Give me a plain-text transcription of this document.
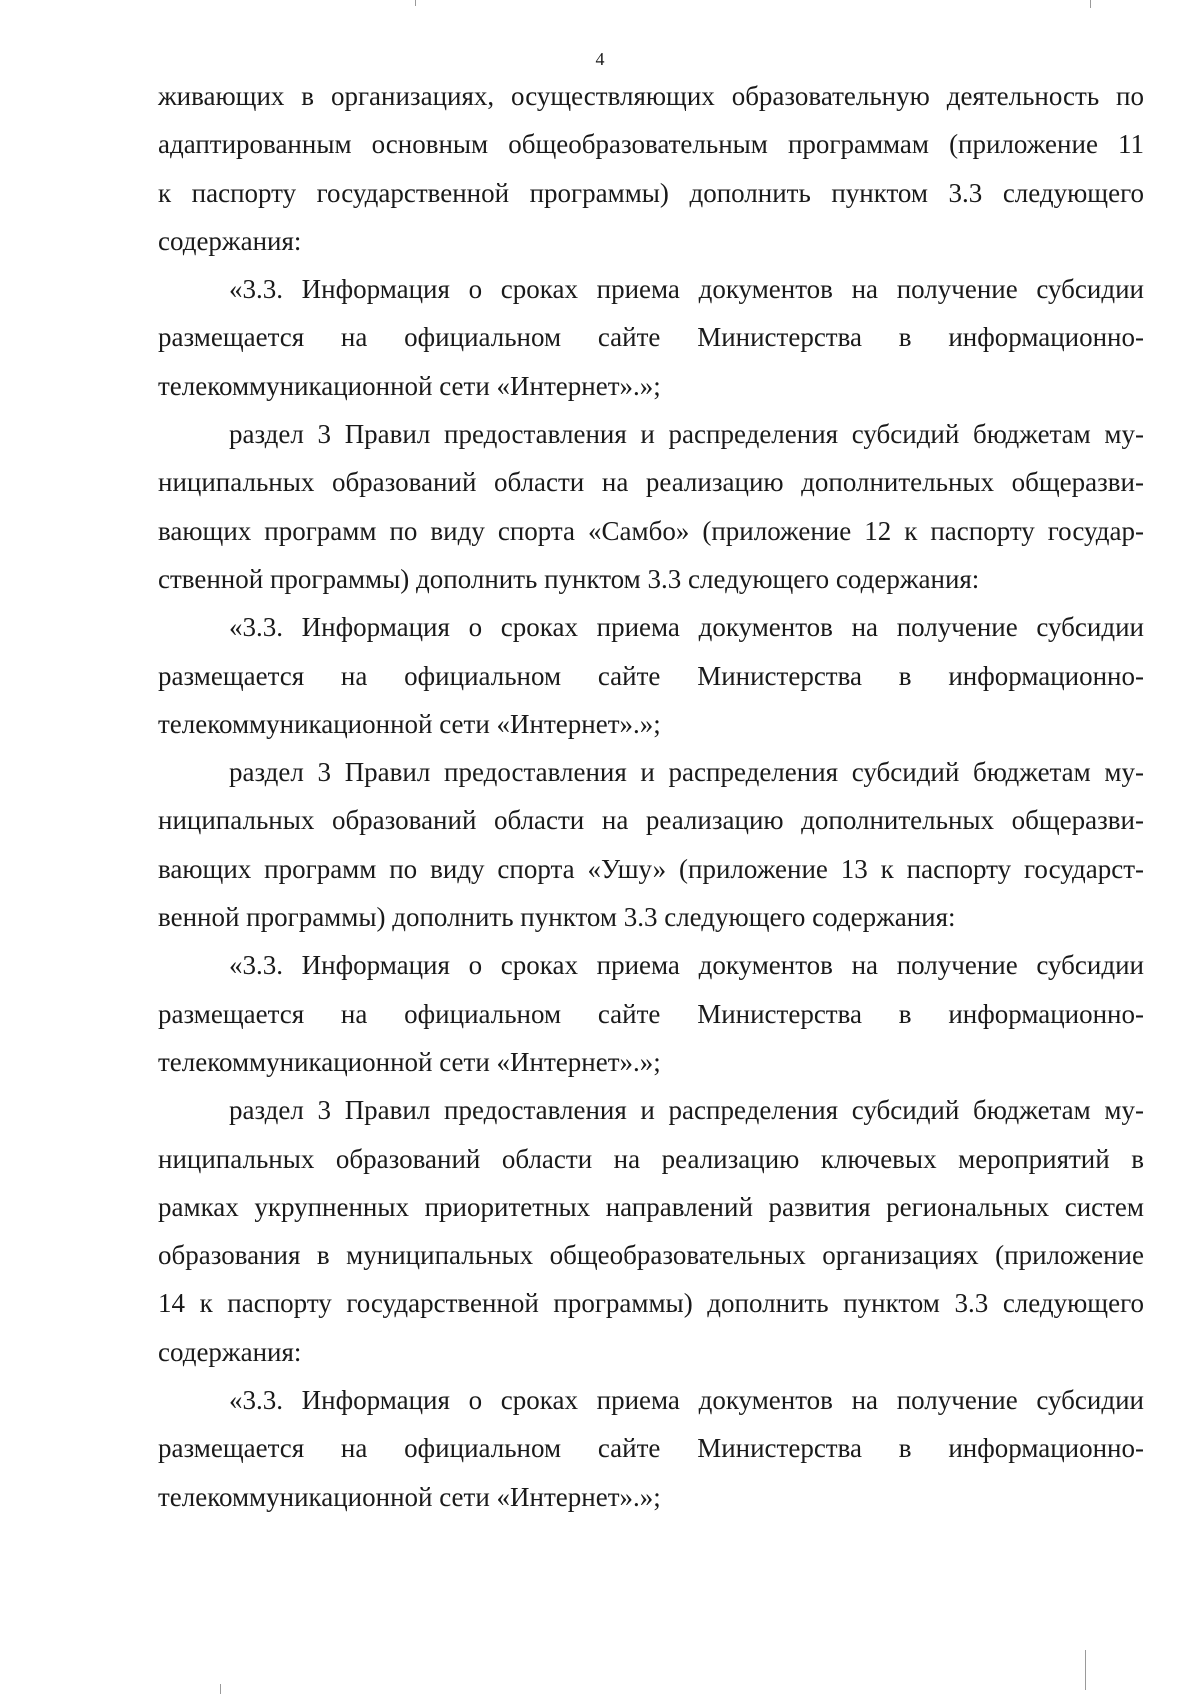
4

живающих в организациях, осуществляющих образовательную деятельность по
адаптированным основным общеобразовательным программам (приложение 11
к паспорту государственной программы) дополнить пунктом 3.3 следующего
содержания:

«3.3. Информация о сроках приема документов на получение субсидии
размещается на официальном сайте Министерства в информационно-
телекоммуникационной сети «Интернет».»;

раздел 3 Правил предоставления и распределения субсидий бюджетам му-
ниципальных образований области на реализацию дополнительных общеразви-
вающих программ по виду спорта «Самбо» (приложение 12 к паспорту государ-
ственной программы) дополнить пунктом 3.3 следующего содержания:

«3.3. Информация о сроках приема документов на получение субсидии
размещается на официальном сайте Министерства в информационно-
телекоммуникационной сети «Интернет».»;

раздел 3 Правил предоставления и распределения субсидий бюджетам му-
ниципальных образований области на реализацию дополнительных общеразви-
вающих программ по виду спорта «Ушу» (приложение 13 к паспорту государст-
венной программы) дополнить пунктом 3.3 следующего содержания:

«3.3. Информация о сроках приема документов на получение субсидии
размещается на официальном сайте Министерства в информационно-
телекоммуникационной сети «Интернет».»;

раздел 3 Правил предоставления и распределения субсидий бюджетам му-
ниципальных образований области на реализацию ключевых мероприятий в
рамках укрупненных приоритетных направлений развития региональных систем
образования в муниципальных общеобразовательных организациях (приложение
14 к паспорту государственной программы) дополнить пунктом 3.3 следующего
содержания:

«3.3. Информация о сроках приема документов на получение субсидии
размещается на официальном сайте Министерства в информационно-
телекоммуникационной сети «Интернет».»;
